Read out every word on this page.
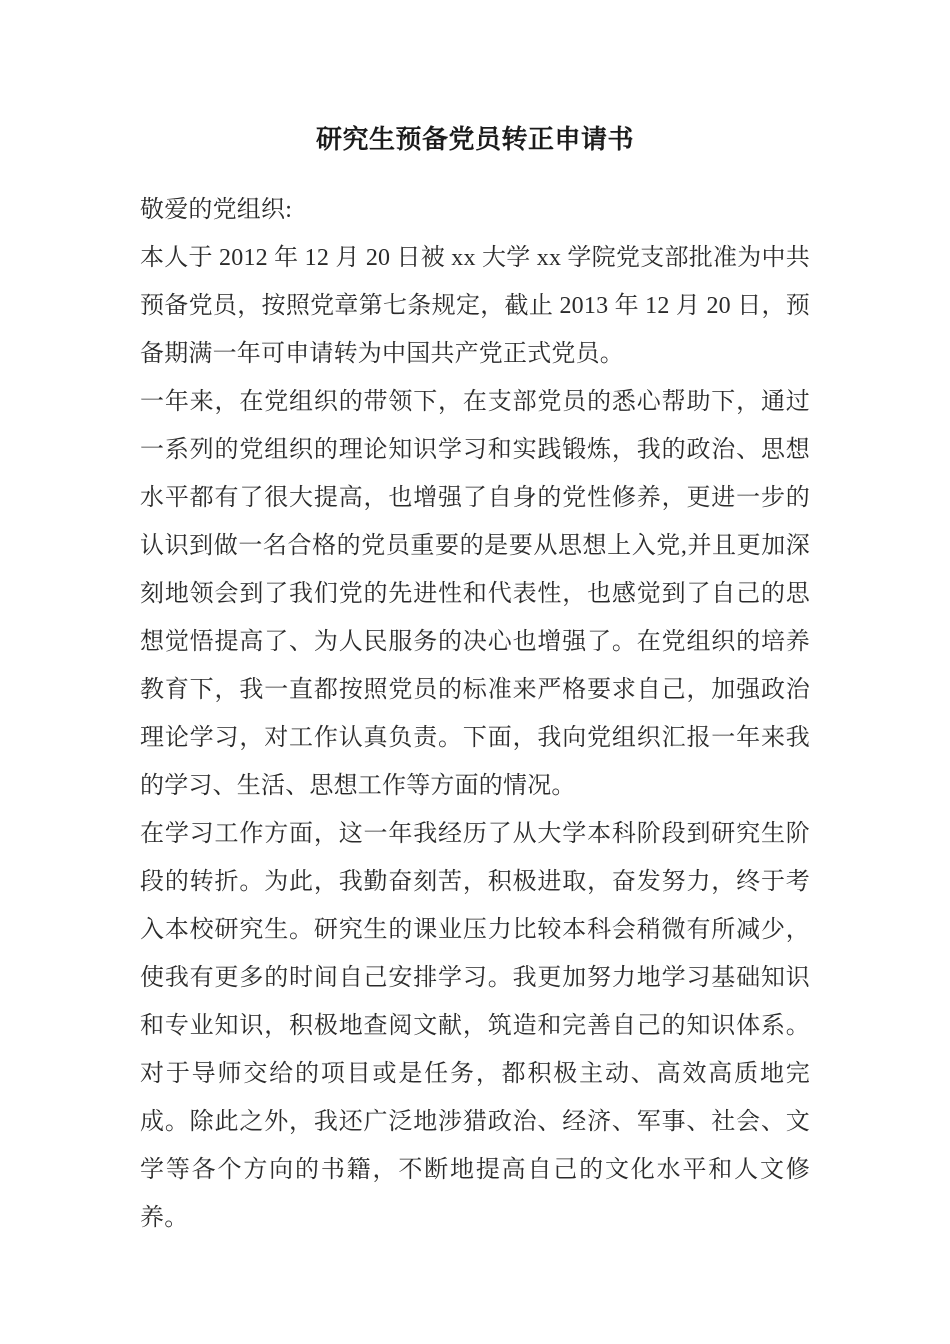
研究生预备党员转正申请书

敬爱的党组织:

本人于 2012 年 12 月 20 日被 xx 大学 xx 学院党支部批准为中共预备党员，按照党章第七条规定，截止 2013 年 12 月 20 日，预备期满一年可申请转为中国共产党正式党员。

一年来，在党组织的带领下，在支部党员的悉心帮助下，通过一系列的党组织的理论知识学习和实践锻炼，我的政治、思想水平都有了很大提高，也增强了自身的党性修养，更进一步的认识到做一名合格的党员重要的是要从思想上入党,并且更加深刻地领会到了我们党的先进性和代表性，也感觉到了自己的思想觉悟提高了、为人民服务的决心也增强了。在党组织的培养教育下，我一直都按照党员的标准来严格要求自己，加强政治理论学习，对工作认真负责。下面，我向党组织汇报一年来我的学习、生活、思想工作等方面的情况。

在学习工作方面，这一年我经历了从大学本科阶段到研究生阶段的转折。为此，我勤奋刻苦，积极进取，奋发努力，终于考入本校研究生。研究生的课业压力比较本科会稍微有所减少，使我有更多的时间自己安排学习。我更加努力地学习基础知识和专业知识，积极地查阅文献，筑造和完善自己的知识体系。对于导师交给的项目或是任务，都积极主动、高效高质地完成。除此之外，我还广泛地涉猎政治、经济、军事、社会、文学等各个方向的书籍，不断地提高自己的文化水平和人文修养。
